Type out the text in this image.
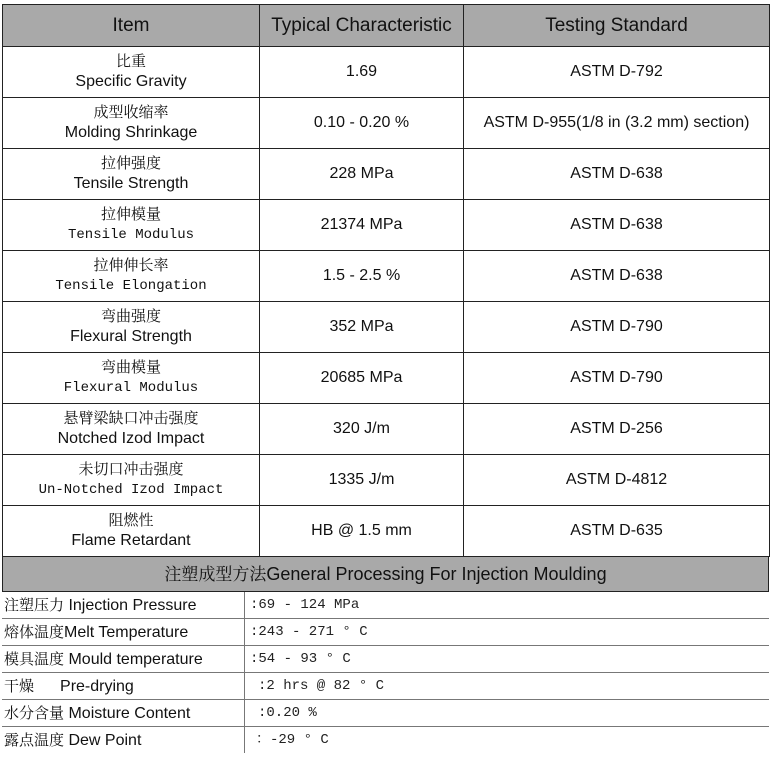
Item	Typical Characteristic	Testing Standard

比重
Specific Gravity	1.69	ASTM D-792

成型收缩率
Molding Shrinkage	0.10 - 0.20 %	ASTM D-955(1/8 in (3.2 mm) section)

拉伸强度
Tensile Strength	228 MPa	ASTM D-638

拉伸模量
Tensile Modulus	21374 MPa	ASTM D-638

拉伸伸长率
Tensile Elongation	1.5 - 2.5 %	ASTM D-638

弯曲强度
Flexural Strength	352 MPa	ASTM D-790

弯曲模量
Flexural Modulus	20685 MPa	ASTM D-790

悬臂梁缺口冲击强度
Notched Izod Impact	320 J/m	ASTM D-256

未切口冲击强度
Un-Notched Izod Impact	1335 J/m	ASTM D-4812

阻燃性
Flame Retardant	HB @ 1.5 mm	ASTM D-635
注塑成型方法General Processing For Injection Moulding
注塑压力 Injection Pressure	:69 - 124 MPa
熔体温度Melt Temperature	:243 - 271 ° C
模具温度 Mould temperature	:54 - 93 ° C
干燥 Pre-drying	:2 hrs @ 82 ° C
水分含量 Moisture Content	:0.20 %
露点温度 Dew Point	：-29 ° C
